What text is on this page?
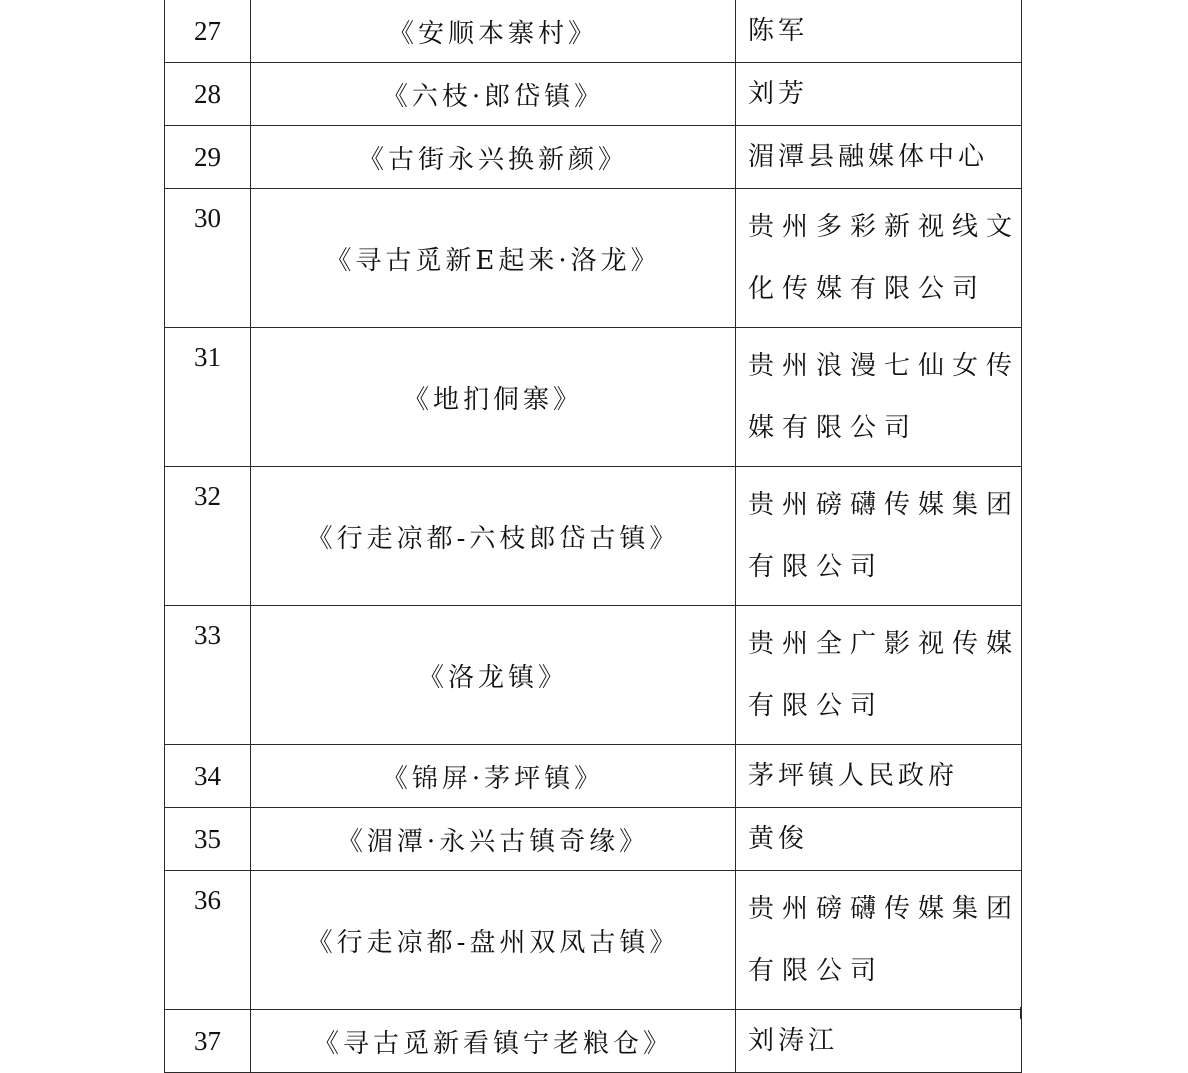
27	《安顺本寨村》	陈军
28	《六枝·郎岱镇》	刘芳
29	《古街永兴换新颜》	湄潭县融媒体中心
30	《寻古觅新E起来·洛龙》	贵州多彩新视线文化传媒有限公司
31	《地扪侗寨》	贵州浪漫七仙女传媒有限公司
32	《行走凉都-六枝郎岱古镇》	贵州磅礴传媒集团有限公司
33	《洛龙镇》	贵州全广影视传媒有限公司
34	《锦屏·茅坪镇》	茅坪镇人民政府
35	《湄潭·永兴古镇奇缘》	黄俊
36	《行走凉都-盘州双凤古镇》	贵州磅礴传媒集团有限公司
37	《寻古觅新看镇宁老粮仓》	刘涛江
